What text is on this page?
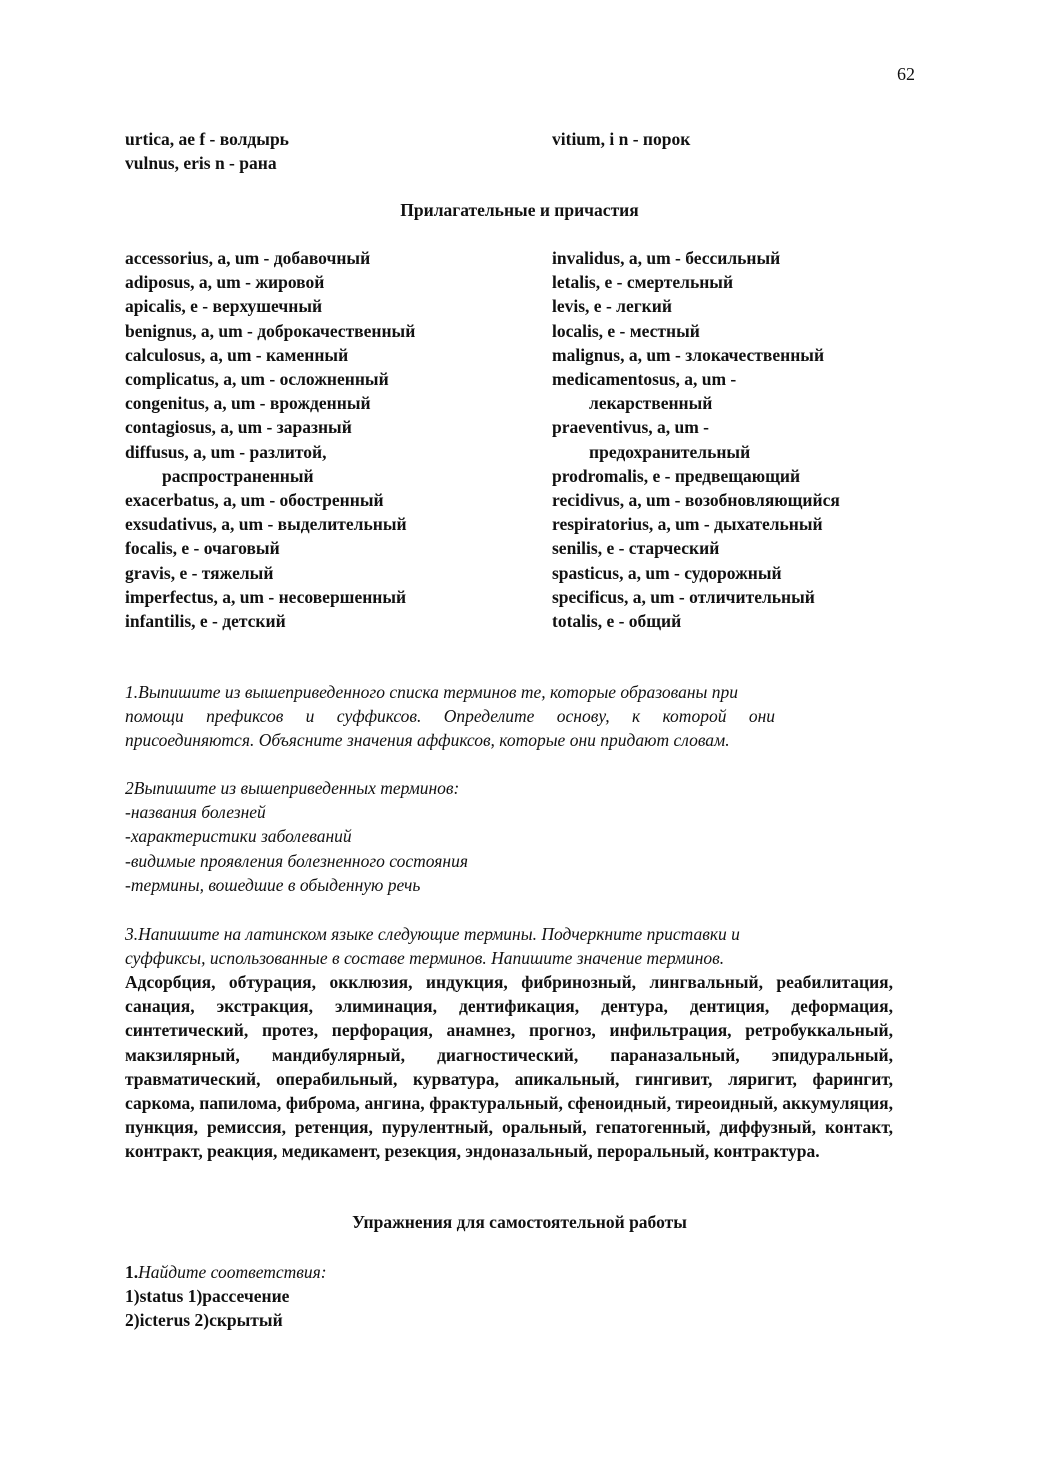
62
urtica, ae f - волдырь
vulnus, eris n - рана
vitium, i n - порок
Прилагательные и причастия
accessorius, a, um - добавочный
adiposus, a, um - жировой
apicalis, e - верхушечный
benignus, a, um - доброкачественный
calculosus, a, um - каменный
complicatus, a, um - осложненный
congenitus, a, um - врожденный
contagiosus, a, um - заразный
diffusus, a, um - разлитой,
распространенный
exacerbatus, a, um - обостренный
exsudativus, a, um - выделительный
focalis, e - очаговый
gravis, e - тяжелый
imperfectus, a, um - несовершенный
infantilis, e - детский
invalidus, a, um - бессильный
letalis, e - смертельный
levis, e - легкий
localis, e - местный
malignus, a, um - злокачественный
medicamentosus, a, um -
лекарственный
praeventivus, a, um -
предохранительный
prodromalis, e - предвещающий
recidivus, a, um - возобновляющийся
respiratorius, a, um - дыхательный
senilis, e - старческий
spasticus, a, um - судорожный
specificus, a, um - отличительный
totalis, e - общий
1.Выпишите из вышеприведенного списка терминов те, которые образованы при
помощи префиксов и суффиксов. Определите основу, к которой они
присоединяются. Объясните значения аффиксов, которые они придают словам.
2Выпишите из вышеприведенных терминов:
-названия болезней
-характеристики заболеваний
-видимые проявления болезненного состояния
-термины, вошедшие в обыденную речь
3.Напишите на латинском языке следующие термины. Подчеркните приставки и
суффиксы, использованные в составе терминов. Напишите значение терминов.
Адсорбция, обтурация, окклюзия, индукция, фибринозный, лингвальный, реабилитация, санация, экстракция, элиминация, дентификация, дентура, дентиция, деформация, синтетический, протез, перфорация, анамнез, прогноз, инфильтрация, ретробуккальный, макзилярный, мандибулярный, диагностический, параназальный, эпидуральный, травматический, операбильный, курватура, апикальный, гингивит, ляригит, фарингит, саркома, папилома, фиброма, ангина, фрактуральный, сфеноидный, тиреоидный, аккумуляция, пункция, ремиссия, ретенция, пурулентный, оральный, гепатогенный, диффузный, контакт, контракт, реакция, медикамент, резекция, эндоназальный, пероральный, контрактура.
Упражнения для самостоятельной работы
1.Найдите соответствия:
1)status 1)рассечение
2)icterus 2)скрытый
